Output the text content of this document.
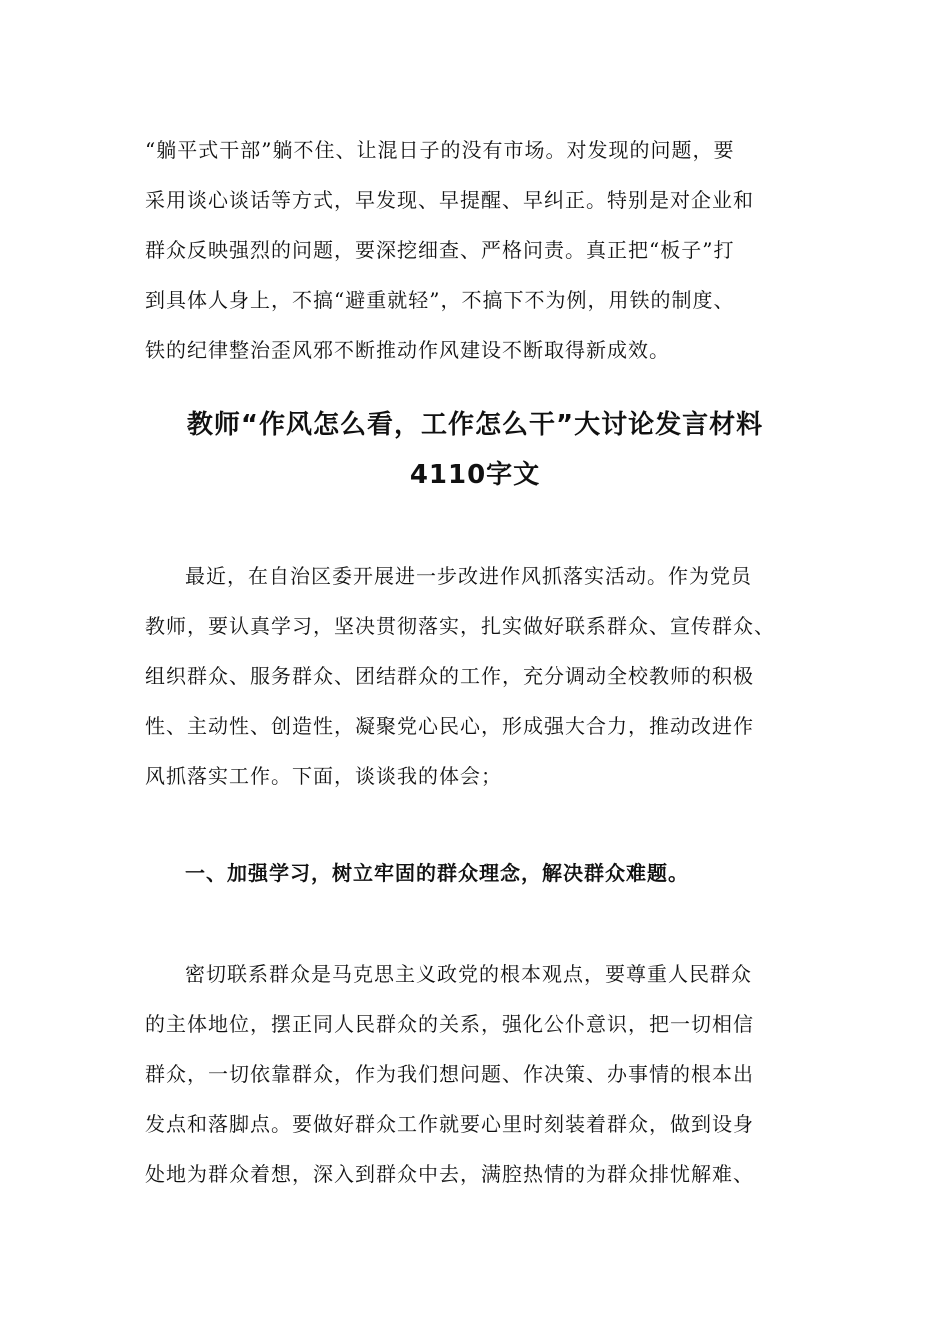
“躺平式干部”躺不住、让混日子的没有市场。对发现的问题，要
采用谈心谈话等方式，早发现、早提醒、早纠正。特别是对企业和
群众反映强烈的问题，要深挖细查、严格问责。真正把“板子”打
到具体人身上，不搞“避重就轻”，不搞下不为例，用铁的制度、
铁的纪律整治歪风邪不断推动作风建设不断取得新成效。
教师“作风怎么看，工作怎么干”大讨论发言材料
4110字文
最近，在自治区委开展进一步改进作风抓落实活动。作为党员
教师，要认真学习，坚决贯彻落实，扎实做好联系群众、宣传群众、
组织群众、服务群众、团结群众的工作，充分调动全校教师的积极
性、主动性、创造性，凝聚党心民心，形成强大合力，推动改进作
风抓落实工作。下面，谈谈我的体会；
一、加强学习，树立牢固的群众理念，解决群众难题。
密切联系群众是马克思主义政党的根本观点，要尊重人民群众
的主体地位，摆正同人民群众的关系，强化公仆意识，把一切相信
群众，一切依靠群众，作为我们想问题、作决策、办事情的根本出
发点和落脚点。要做好群众工作就要心里时刻装着群众，做到设身
处地为群众着想，深入到群众中去，满腔热情的为群众排忧解难、
